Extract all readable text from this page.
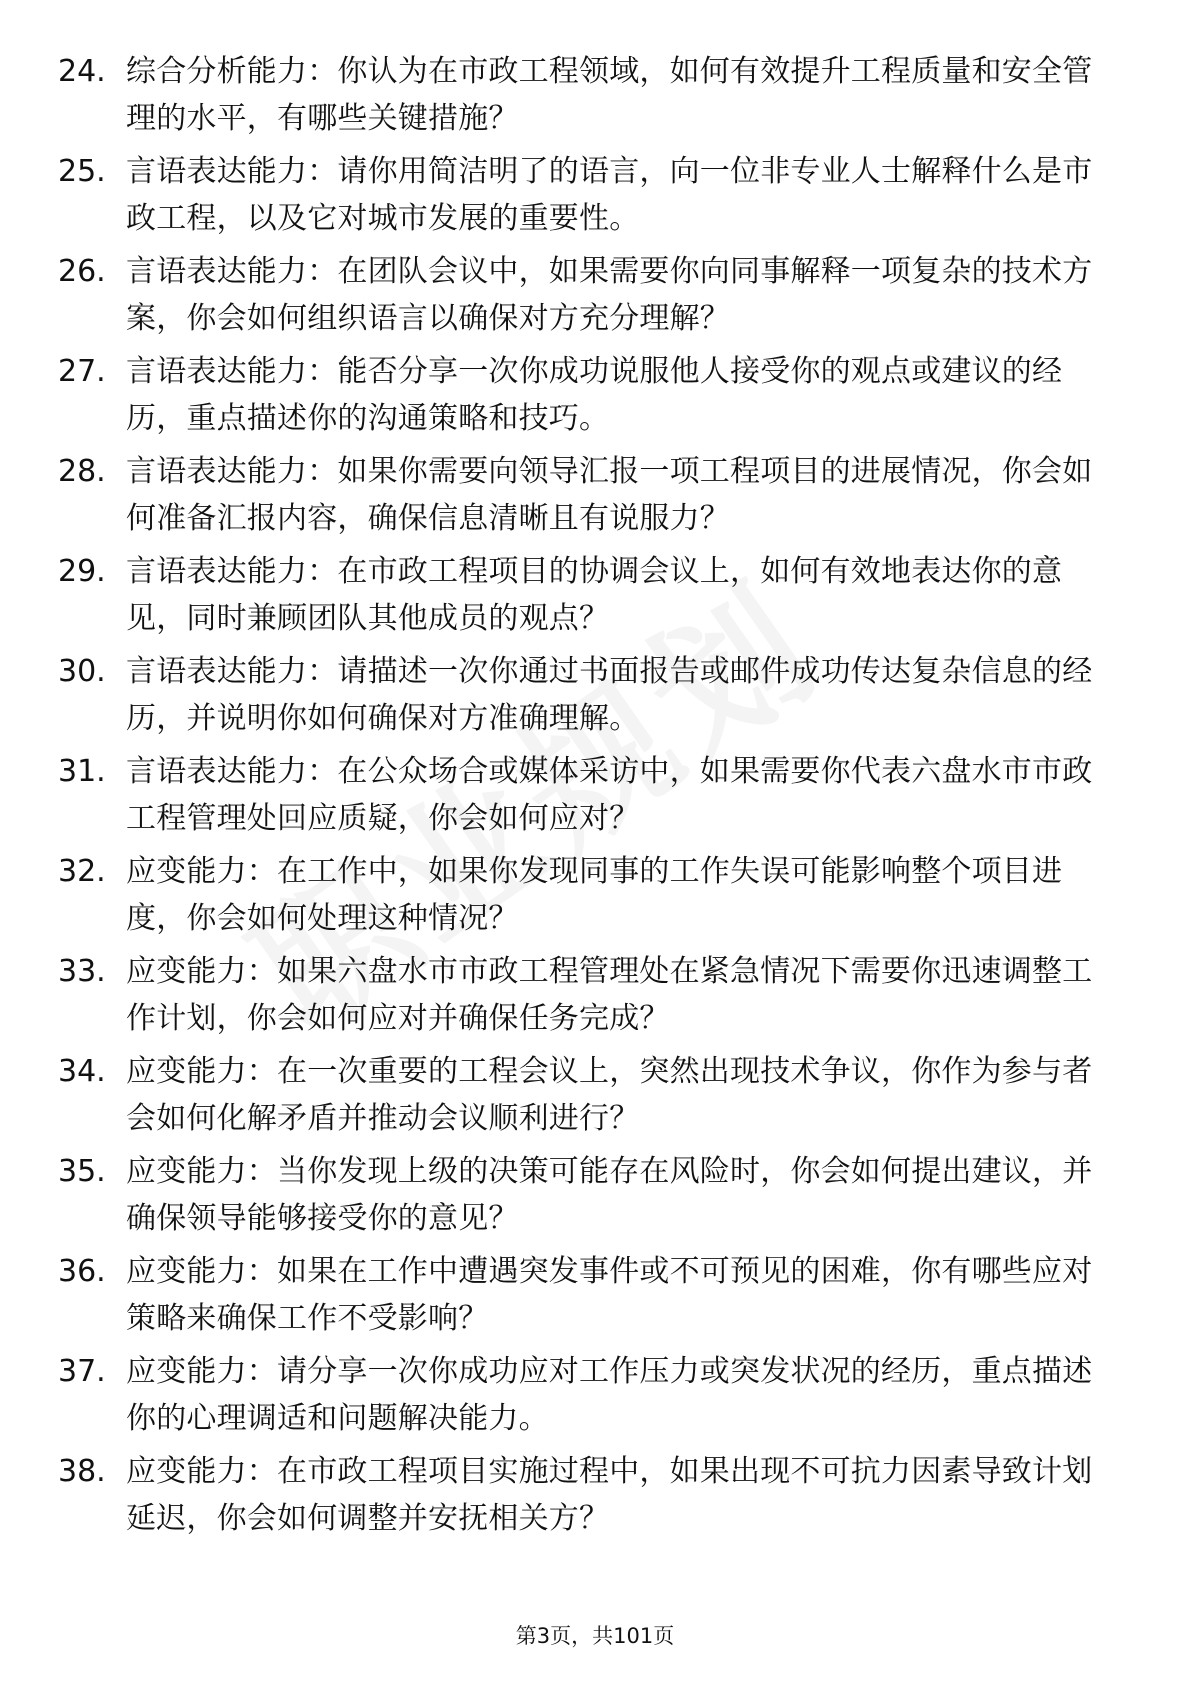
24. 综合分析能力：你认为在市政工程领域，如何有效提升工程质量和安全管理的水平，有哪些关键措施？
25. 言语表达能力：请你用简洁明了的语言，向一位非专业人士解释什么是市政工程，以及它对城市发展的重要性。
26. 言语表达能力：在团队会议中，如果需要你向同事解释一项复杂的技术方案，你会如何组织语言以确保对方充分理解？
27. 言语表达能力：能否分享一次你成功说服他人接受你的观点或建议的经历，重点描述你的沟通策略和技巧。
28. 言语表达能力：如果你需要向领导汇报一项工程项目的进展情况，你会如何准备汇报内容，确保信息清晰且有说服力？
29. 言语表达能力：在市政工程项目的协调会议上，如何有效地表达你的意见，同时兼顾团队其他成员的观点？
30. 言语表达能力：请描述一次你通过书面报告或邮件成功传达复杂信息的经历，并说明你如何确保对方准确理解。
31. 言语表达能力：在公众场合或媒体采访中，如果需要你代表六盘水市市政工程管理处回应质疑，你会如何应对？
32. 应变能力：在工作中，如果你发现同事的工作失误可能影响整个项目进度，你会如何处理这种情况？
33. 应变能力：如果六盘水市市政工程管理处在紧急情况下需要你迅速调整工作计划，你会如何应对并确保任务完成？
34. 应变能力：在一次重要的工程会议上，突然出现技术争议，你作为参与者会如何化解矛盾并推动会议顺利进行？
35. 应变能力：当你发现上级的决策可能存在风险时，你会如何提出建议，并确保领导能够接受你的意见？
36. 应变能力：如果在工作中遭遇突发事件或不可预见的困难，你有哪些应对策略来确保工作不受影响？
37. 应变能力：请分享一次你成功应对工作压力或突发状况的经历，重点描述你的心理调适和问题解决能力。
38. 应变能力：在市政工程项目实施过程中，如果出现不可抗力因素导致计划延迟，你会如何调整并安抚相关方？
第3页，共101页
